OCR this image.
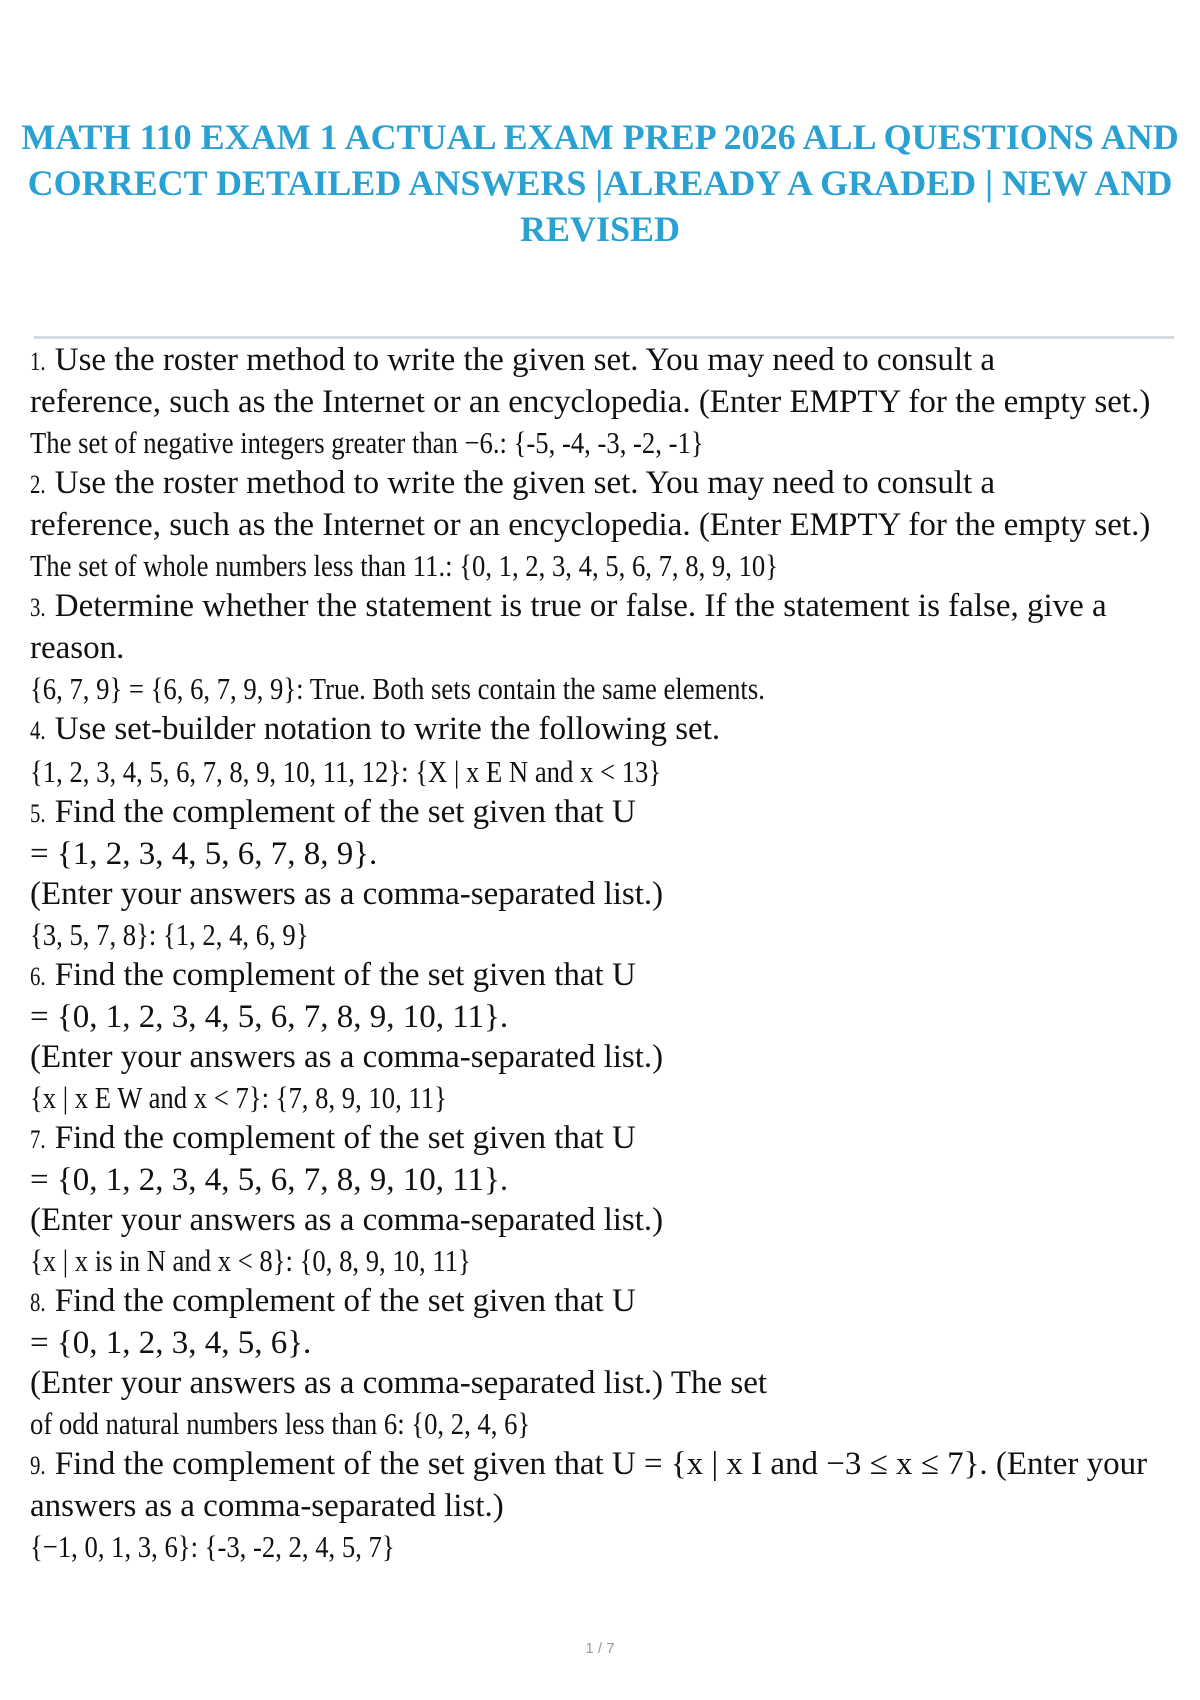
MATH 110 EXAM 1 ACTUAL EXAM PREP 2026 ALL QUESTIONS AND
CORRECT DETAILED ANSWERS |ALREADY A GRADED | NEW AND
REVISED
1. Use the roster method to write the given set. You may need to consult a
reference, such as the Internet or an encyclopedia. (Enter EMPTY for the empty set.)
The set of negative integers greater than −6.: {-5, -4, -3, -2, -1}
2. Use the roster method to write the given set. You may need to consult a
reference, such as the Internet or an encyclopedia. (Enter EMPTY for the empty set.)
The set of whole numbers less than 11.: {0, 1, 2, 3, 4, 5, 6, 7, 8, 9, 10}
3. Determine whether the statement is true or false. If the statement is false, give a
reason.
{6, 7, 9} = {6, 6, 7, 9, 9}: True. Both sets contain the same elements.
4. Use set-builder notation to write the following set.
{1, 2, 3, 4, 5, 6, 7, 8, 9, 10, 11, 12}: {X | x E N and x < 13}
5. Find the complement of the set given that U
= {1, 2, 3, 4, 5, 6, 7, 8, 9}.
(Enter your answers as a comma-separated list.)
{3, 5, 7, 8}: {1, 2, 4, 6, 9}
6. Find the complement of the set given that U
= {0, 1, 2, 3, 4, 5, 6, 7, 8, 9, 10, 11}.
(Enter your answers as a comma-separated list.)
{x | x E W and x < 7}: {7, 8, 9, 10, 11}
7. Find the complement of the set given that U
= {0, 1, 2, 3, 4, 5, 6, 7, 8, 9, 10, 11}.
(Enter your answers as a comma-separated list.)
{x | x is in N and x < 8}: {0, 8, 9, 10, 11}
8. Find the complement of the set given that U
= {0, 1, 2, 3, 4, 5, 6}.
(Enter your answers as a comma-separated list.) The set
of odd natural numbers less than 6: {0, 2, 4, 6}
9. Find the complement of the set given that U = {x | x I and −3 ≤ x ≤ 7}. (Enter your
answers as a comma-separated list.)
{−1, 0, 1, 3, 6}: {-3, -2, 2, 4, 5, 7}
1 / 7
